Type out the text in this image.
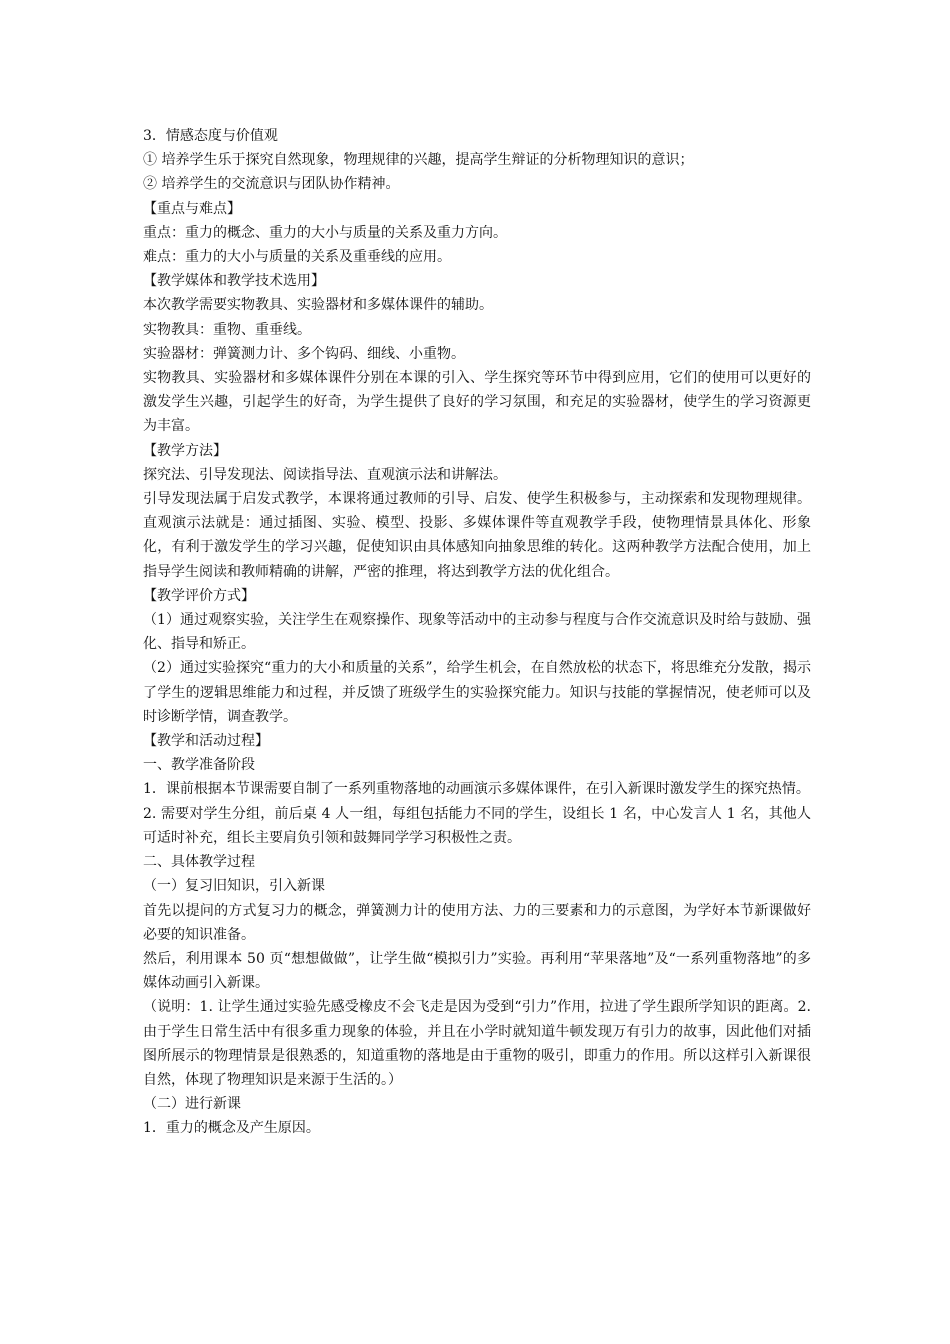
3．情感态度与价值观

① 培养学生乐于探究自然现象，物理规律的兴趣，提高学生辩证的分析物理知识的意识；

② 培养学生的交流意识与团队协作精神。

【重点与难点】

重点：重力的概念、重力的大小与质量的关系及重力方向。

难点：重力的大小与质量的关系及重垂线的应用。

【教学媒体和教学技术选用】

本次教学需要实物教具、实验器材和多媒体课件的辅助。

实物教具：重物、重垂线。

实验器材：弹簧测力计、多个钩码、细线、小重物。

实物教具、实验器材和多媒体课件分别在本课的引入、学生探究等环节中得到应用，它们的使用可以更好的激发学生兴趣，引起学生的好奇，为学生提供了良好的学习氛围，和充足的实验器材，使学生的学习资源更为丰富。

【教学方法】

探究法、引导发现法、阅读指导法、直观演示法和讲解法。

引导发现法属于启发式教学，本课将通过教师的引导、启发、使学生积极参与，主动探索和发现物理规律。直观演示法就是：通过插图、实验、模型、投影、多媒体课件等直观教学手段，使物理情景具体化、形象化，有利于激发学生的学习兴趣，促使知识由具体感知向抽象思维的转化。这两种教学方法配合使用，加上指导学生阅读和教师精确的讲解，严密的推理，将达到教学方法的优化组合。

【教学评价方式】

（1）通过观察实验，关注学生在观察操作、现象等活动中的主动参与程度与合作交流意识及时给与鼓励、强化、指导和矫正。

（2）通过实验探究“重力的大小和质量的关系”，给学生机会，在自然放松的状态下，将思维充分发散，揭示了学生的逻辑思维能力和过程，并反馈了班级学生的实验探究能力。知识与技能的掌握情况，使老师可以及时诊断学情，调查教学。

【教学和活动过程】

一、教学准备阶段

1．课前根据本节课需要自制了一系列重物落地的动画演示多媒体课件，在引入新课时激发学生的探究热情。

2. 需要对学生分组，前后桌 4 人一组，每组包括能力不同的学生，设组长 1 名，中心发言人 1 名，其他人可适时补充，组长主要肩负引领和鼓舞同学学习积极性之责。

二、具体教学过程

（一）复习旧知识，引入新课

首先以提问的方式复习力的概念，弹簧测力计的使用方法、力的三要素和力的示意图，为学好本节新课做好必要的知识准备。

然后，利用课本 50 页“想想做做”，让学生做“模拟引力”实验。再利用“苹果落地”及“一系列重物落地”的多媒体动画引入新课。

（说明：1. 让学生通过实验先感受橡皮不会飞走是因为受到“引力”作用，拉进了学生跟所学知识的距离。2. 由于学生日常生活中有很多重力现象的体验，并且在小学时就知道牛顿发现万有引力的故事，因此他们对插图所展示的物理情景是很熟悉的，知道重物的落地是由于重物的吸引，即重力的作用。所以这样引入新课很自然，体现了物理知识是来源于生活的。）

（二）进行新课

1．重力的概念及产生原因。
